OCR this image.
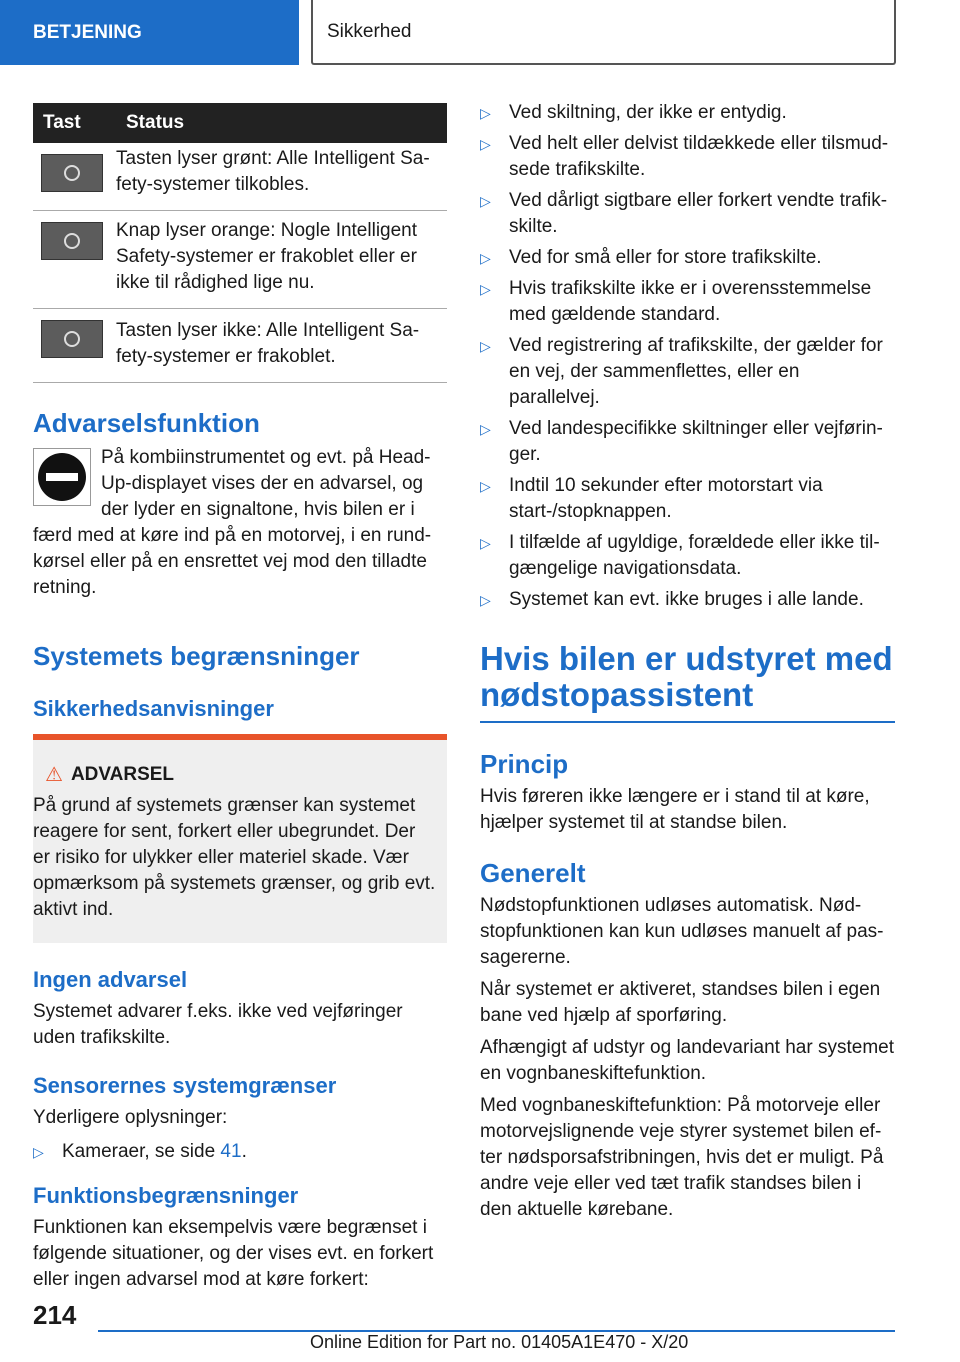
BETJENING	Sikkerhed
Tast	Status

	Tasten lyser grønt: Alle Intelligent Sa-fety-systemer tilkobles.

	Knap lyser orange: Nogle Intelligent Safety-systemer er frakoblet eller er ikke til rådighed lige nu.

	Tasten lyser ikke: Alle Intelligent Sa-fety-systemer er frakoblet.
Advarselsfunktion

På kombiinstrumentet og evt. på Head-Up-displayet vises der en advarsel, og der lyder en signaltone, hvis bilen er i færd med at køre ind på en motorvej, i en rund-kørsel eller på en ensrettet vej mod den tilladte retning.

Systemets begrænsninger
Sikkerhedsanvisninger
⚠ ADVARSEL

På grund af systemets grænser kan systemet reagere for sent, forkert eller ubegrundet. Der er risiko for ulykker eller materiel skade. Vær opmærksom på systemets grænser, og grib evt. aktivt ind.

Ingen advarsel

Systemet advarer f.eks. ikke ved vejføringer uden trafikskilte.

Sensorernes systemgrænser

Yderligere oplysninger:

▷ Kameraer, se side 41.
Funktionsbegrænsninger

Funktionen kan eksempelvis være begrænset i følgende situationer, og der vises evt. en forkert eller ingen advarsel mod at køre forkert:

▷ Ved skiltning, der ikke er entydig.
▷ Ved helt eller delvist tildækkede eller tilsmud-sede trafikskilte.
▷ Ved dårligt sigtbare eller forkert vendte trafik-skilte.
▷ Ved for små eller for store trafikskilte.
▷ Hvis trafikskilte ikke er i overensstemmelse med gældende standard.
▷ Ved registrering af trafikskilte, der gælder for en vej, der sammenflettes, eller en parallelvej.
▷ Ved landespecifikke skiltninger eller vejførin-ger.
▷ Indtil 10 sekunder efter motorstart via start-/stopknappen.
▷ I tilfælde af ugyldige, forældede eller ikke til-gængelige navigationsdata.
▷ Systemet kan evt. ikke bruges i alle lande.
Hvis bilen er udstyret med nødstopassistent
Princip

Hvis føreren ikke længere er i stand til at køre, hjælper systemet til at standse bilen.

Generelt

Nødstopfunktionen udløses automatisk. Nød-stopfunktionen kan kun udløses manuelt af pas-sagererne.

Når systemet er aktiveret, standses bilen i egen bane ved hjælp af sporføring.

Afhængigt af udstyr og landevariant har systemet en vognbaneskiftefunktion.

Med vognbaneskiftefunktion: På motorveje eller motorvejslignende veje styrer systemet bilen ef-ter nødsporsafstribningen, hvis det er muligt. På andre veje eller ved tæt trafik standses bilen i den aktuelle kørebane.

214
Online Edition for Part no. 01405A1E470 - X/20
